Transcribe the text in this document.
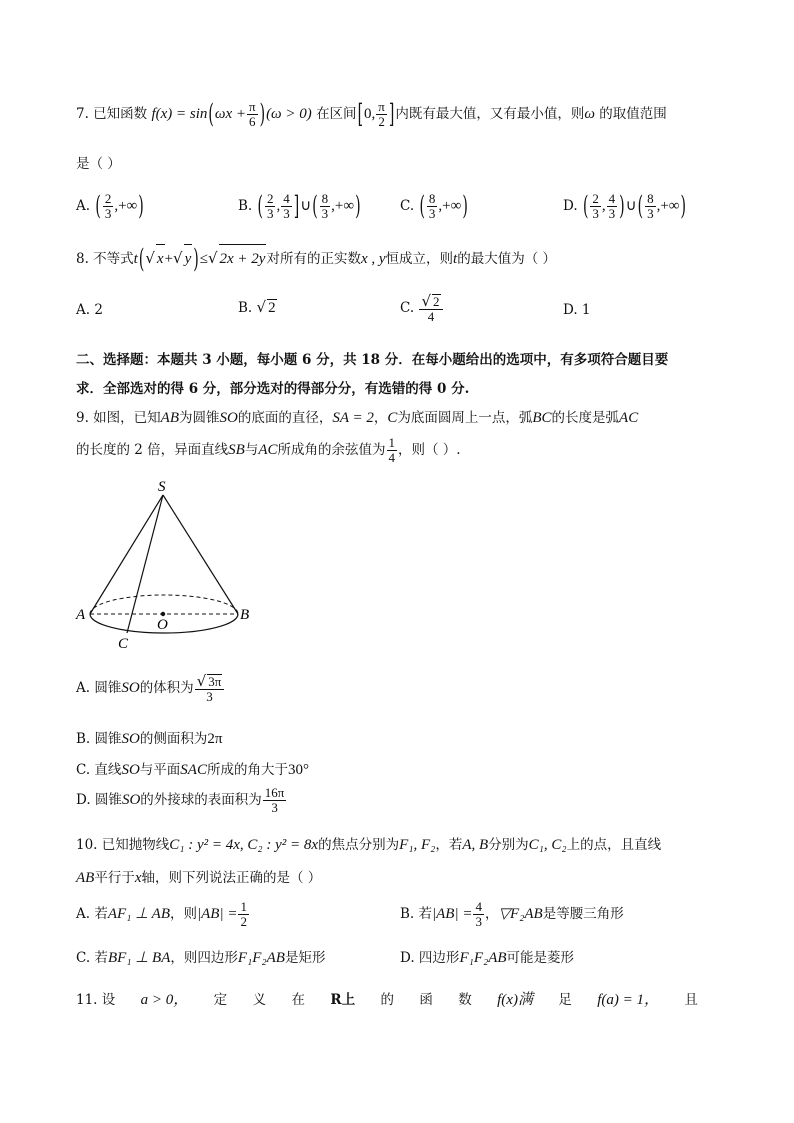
7. 已知函数 $f(x) = \sin(\omega x + \frac{\pi}{6} )(\omega > 0)$ 在区间[0, $\frac{\pi}{2}$ ]内既有最大值，又有最小值，则ω 的取值范围
是（ ）
A. ( $\frac{2}{3}$ ,+∞)	B. ( $\frac{2}{3}$ , $\frac{4}{3}$ ]∪( $\frac{8}{3}$ ,+∞)	C. ( $\frac{8}{3}$ ,+∞)	D. ( $\frac{2}{3}$ , $\frac{4}{3}$ )∪( $\frac{8}{3}$ ,+∞)
8. 不等式t(√ x+√ y )≤√ 2x + 2y对所有的正实数x , y恒成立，则t的最大值为（ ）
A. 2	B. √ 2	C. $\frac{√ 2}{4}$	D. 1
二、选择题：本题共 3 小题，每小题 6 分，共 18 分．在每小题给出的选项中，有多项符合题目要
求．全部选对的得 6 分，部分选对的得部分分，有选错的得 0 分.
9. 如图，已知AB为圆锥SO的底面的直径，SA = 2，C为底面圆周上一点，弧BC的长度是弧AC
的长度的 2 倍，异面直线SB与AC所成角的余弦值为 $\frac{1}{4}$ ，则（ ）.
S
A	B
O
C
A. 圆锥SO的体积为 $\frac{√ 3\pi}{3}$
B. 圆锥SO的侧面积为2π
C. 直线SO与平面SAC所成的角大于30°
D. 圆锥SO的外接球的表面积为 $\frac{16\pi}{3}$
10. 已知抛物线C₁ : y² = 4x, C₂ : y² = 8x的焦点分别为F₁, F₂，若A, B分别为C₁, C₂上的点，且直线
AB平行于x轴，则下列说法正确的是（ ）
A. 若AF₁ ⊥ AB，则$|AB| = \frac{1}{2}$	B. 若$|AB| = \frac{4}{3}$ ，▽F₂AB是等腰三角形
C. 若BF₁ ⊥ BA，则四边形F₁F₂AB是矩形	D. 四边形F₁F₂AB可能是菱形
11. 设 a > 0， 定 义 在 R上 的 函 数 f(x)满 足 f(a) = 1， 且
